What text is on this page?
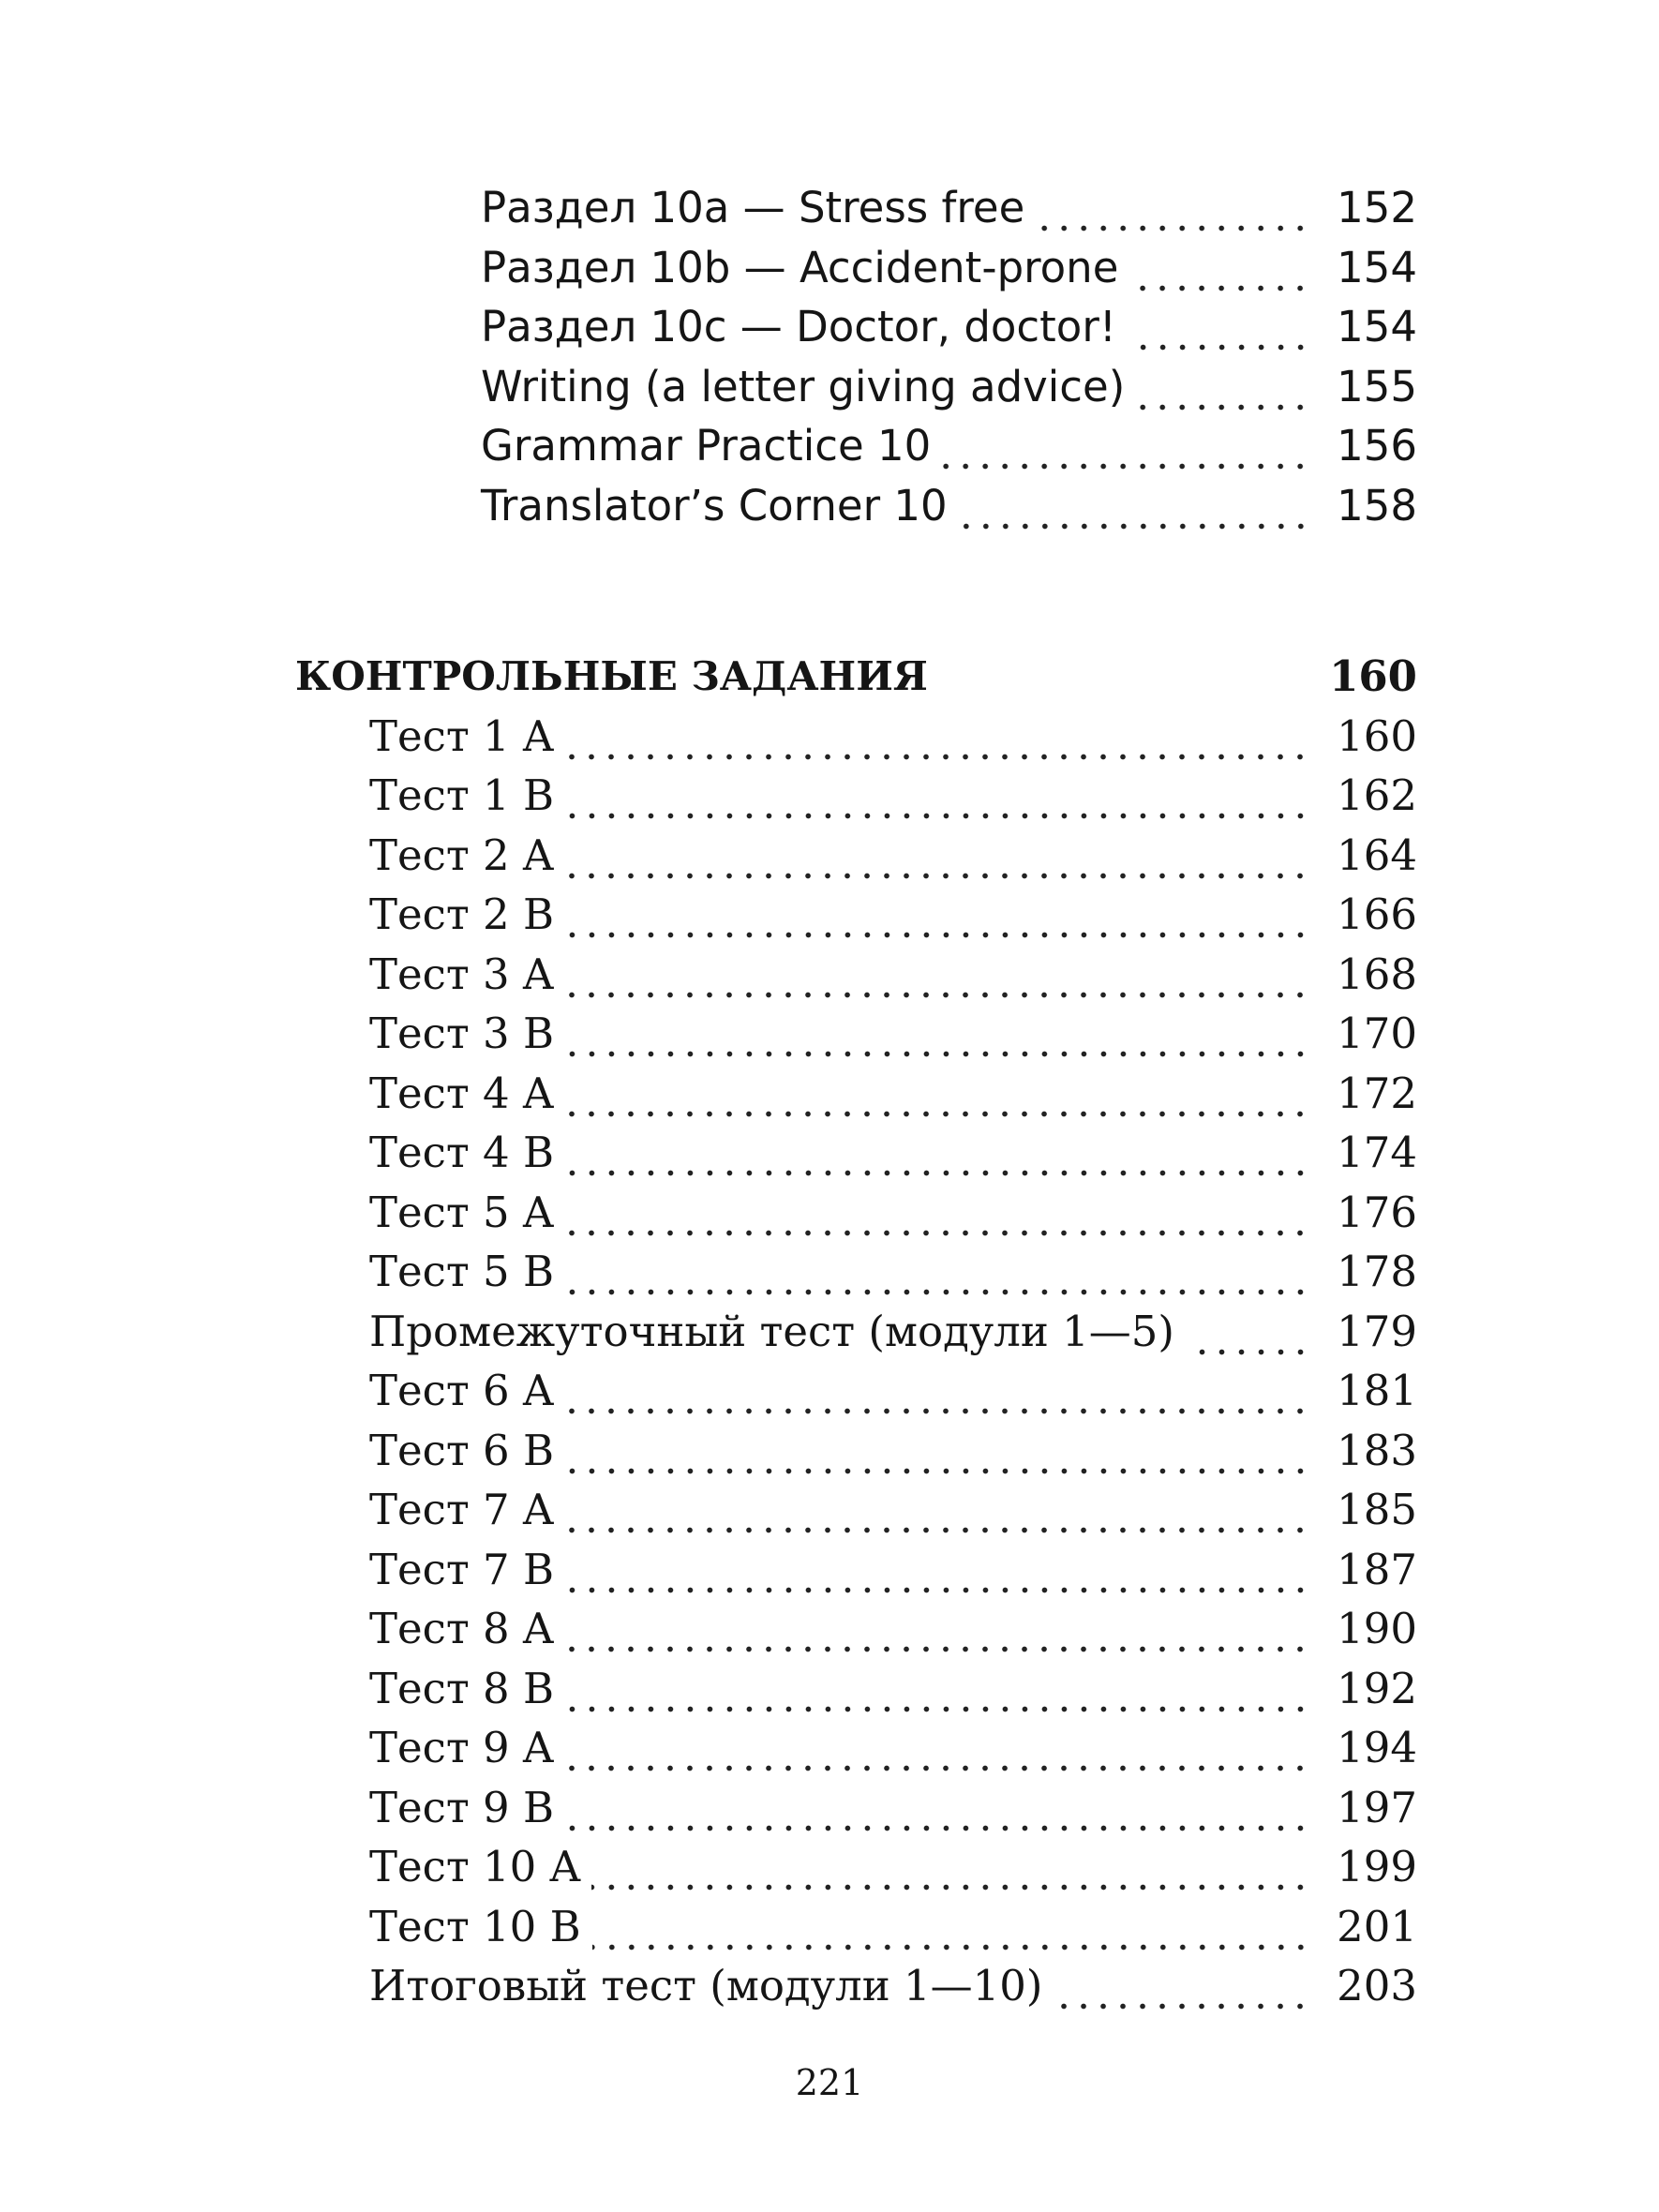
Раздел 10a — Stress free	152
Раздел 10b — Accident-prone	154
Раздел 10c — Doctor, doctor!	154
Writing (a letter giving advice)	155
Grammar Practice 10	156
Translator’s Corner 10	158
КОНТРОЛЬНЫЕ ЗАДАНИЯ	160
Тест 1 A	160
Тест 1 B	162
Тест 2 A	164
Тест 2 B	166
Тест 3 A	168
Тест 3 B	170
Тест 4 A	172
Тест 4 B	174
Тест 5 A	176
Тест 5 B	178
Промежуточный тест (модули 1—5)	179
Тест 6 A	181
Тест 6 B	183
Тест 7 A	185
Тест 7 B	187
Тест 8 A	190
Тест 8 B	192
Тест 9 A	194
Тест 9 B	197
Тест 10 A	199
Тест 10 B	201
Итоговый тест (модули 1—10)	203
221
